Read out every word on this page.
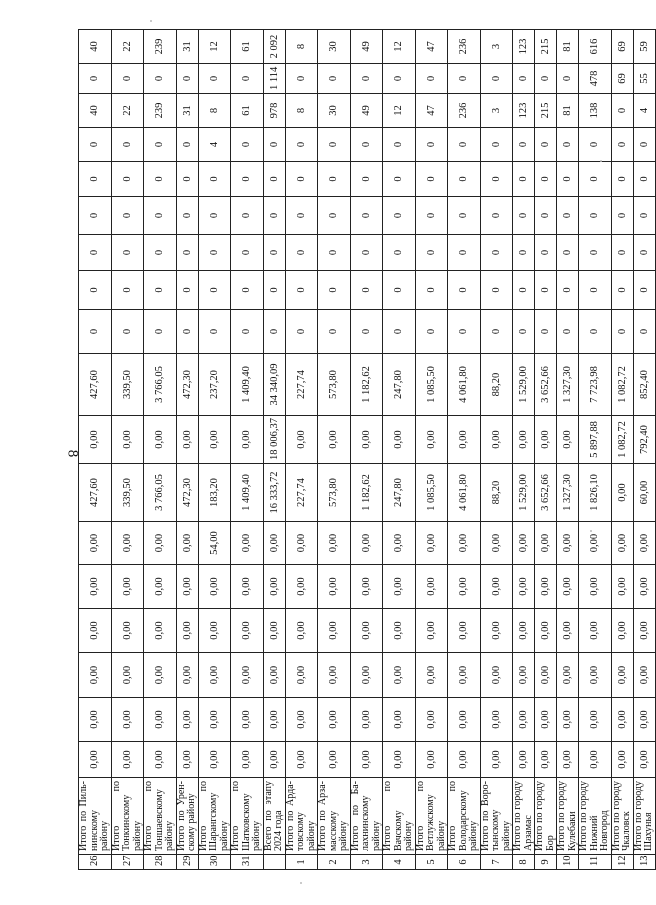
8
26	Итого по Пильнинскому району	0,00	0,00	0,00	0,00	0,00	0,00	427,60	0,00	427,60	0	0	0	0	0	0	40	0	40
27	Итого по Тонкинскому району	0,00	0,00	0,00	0,00	0,00	0,00	339,50	0,00	339,50	0	0	0	0	0	0	22	0	22
28	Итого по Тоншаевскому району	0,00	0,00	0,00	0,00	0,00	0,00	3 766,05	0,00	3 766,05	0	0	0	0	0	0	239	0	239
29	Итого по Уренскому району	0,00	0,00	0,00	0,00	0,00	0,00	472,30	0,00	472,30	0	0	0	0	0	0	31	0	31
30	Итого по Шарангскому району	0,00	0,00	0,00	0,00	0,00	54,00	183,20	0,00	237,20	0	0	0	0	0	4	8	0	12
31	Итого по Шатковскому району	0,00	0,00	0,00	0,00	0,00	0,00	1 409,40	0,00	1 409,40	0	0	0	0	0	0	61	0	61
	Всего по этапу 2024 года	0,00	0,00	0,00	0,00	0,00	0,00	16 333,72	18 006,37	34 340,09	0	0	0	0	0	0	978	1 114	2 092
1	Итого по Ардатовскому району	0,00	0,00	0,00	0,00	0,00	0,00	227,74	0,00	227,74	0	0	0	0	0	0	8	0	8
2	Итого по Арзамасскому району	0,00	0,00	0,00	0,00	0,00	0,00	573,80	0,00	573,80	0	0	0	0	0	0	30	0	30
3	Итого по Балахнинскому району	0,00	0,00	0,00	0,00	0,00	0,00	1 182,62	0,00	1 182,62	0	0	0	0	0	0	49	0	49
4	Итого по Вачскому району	0,00	0,00	0,00	0,00	0,00	0,00	247,80	0,00	247,80	0	0	0	0	0	0	12	0	12
5	Итого по Ветлужскому району	0,00	0,00	0,00	0,00	0,00	0,00	1 085,50	0,00	1 085,50	0	0	0	0	0	0	47	0	47
6	Итого по Володарскому району	0,00	0,00	0,00	0,00	0,00	0,00	4 061,80	0,00	4 061,80	0	0	0	0	0	0	236	0	236
7	Итого по Воротынскому району	0,00	0,00	0,00	0,00	0,00	0,00	88,20	0,00	88,20	0	0	0	0	0	0	3	0	3
8	Итого по городу Арзамас	0,00	0,00	0,00	0,00	0,00	0,00	1 529,00	0,00	1 529,00	0	0	0	0	0	0	123	0	123
9	Итого по городу Бор	0,00	0,00	0,00	0,00	0,00	0,00	3 652,66	0,00	3 652,66	0	0	0	0	0	0	215	0	215
10	Итого по городу Кулебаки	0,00	0,00	0,00	0,00	0,00	0,00	1 327,30	0,00	1 327,30	0	0	0	0	0	0	81	0	81
11	Итого по городу Нижний Новгород	0,00	0,00	0,00	0,00	0,00	0,00	1 826,10	5 897,88	7 723,98	0	0	0	0	0	0	138	478	616
12	Итого по городу Чкаловск	0,00	0,00	0,00	0,00	0,00	0,00	0,00	1 082,72	1 082,72	0	0	0	0	0	0	0	69	69
13	Итого по городу Шахунья	0,00	0,00	0,00	0,00	0,00	0,00	60,00	792,40	852,40	0	0	0	0	0	0	4	55	59
